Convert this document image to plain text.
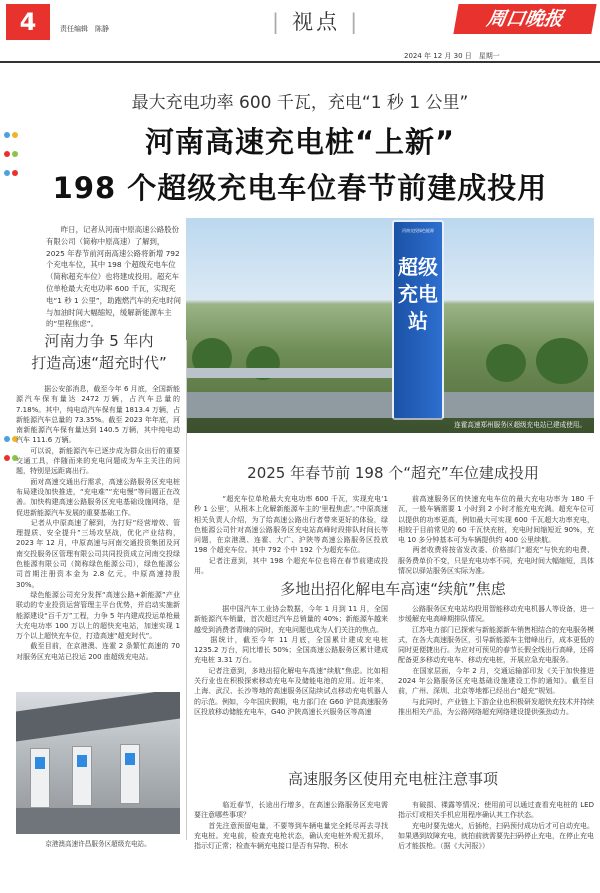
4	责任编辑　陈静
|	视点 |	周口晚报
2024 年 12 月 30 日　星期一
最大充电功率 600 千瓦，充电“1 秒 1 公里”
河南高速充电桩“上新”
198 个超级充电车位春节前建成投用

　　昨日，记者从河南中原高速公路股份有限公司（简称中原高速）了解到，2025 年春节前河南高速公路将新增 792 个充电车位，其中 198 个超级充电车位（简称超充车位）也将建成投用。超充车位单枪最大充电功率 600 千瓦，实现充电“1 秒 1 公里”，助跑燃汽车的充电时间与加油时间大幅缩短，缓解新能源车主的“里程焦虑”。
河南交投绿色能源
超级充电站
连霍高速郑州服务区超级充电站已建成使用。
河南力争 5 年内
打造高速“超充时代”
　　据公安部消息，截至今年 6 月底，全国新能源汽车保有量达 2472 万辆，占汽车总量的 7.18%。其中，纯电动汽车保有量 1813.4 万辆，占新能源汽车总量的 73.35%。截至 2023 年年底，河南新能源汽车保有量达到 140.5 万辆，其中纯电动汽车 111.6 万辆。
　　可以说，新能源汽车已逐步成为群众出行的重要交通工具，伴随而来的充电问题成为车主关注的问题，特别是远距离出行。
　　面对高速交通出行需求，高速公路服务区充电桩布局建设加快推进，“充电难”“充电慢”等问题正在改善。加快构建高速公路服务区充电基础设施网络，是促进新能源汽车发展的重要基础工作。
　　记者从中原高速了解到，为打好“经营增效、管理提质、安全提升”三场攻坚战，优化产业结构，2023 年 12 月，中原高速与河南交通投资集团及河南交投服务区管理有限公司共同投资成立河南交投绿色能源有限公司（简称绿色能源公司），绿色能源公司首期注册资本金为 2.8 亿元，中原高速持股 30%。
　　绿色能源公司充分发挥“高速公路+新能源”产业联动的专业投资运营管理主平台优势，并启动实施新能源建设“百千万”工程，力争 5 年内建成投运单枪最大充电功率 100 万以上的超快充电站，加速实现 1 万个以上超快充车位，打造高速“超充时代”。
　　截至目前，在京港澳、连霍 2 条繁忙高速的 70 对服务区充电站已投运 200 座超级充电站。
京港澳高速许昌服务区超级充电站。
2025 年春节前 198 个“超充”车位建成投用
　　“超充车位单枪最大充电功率 600 千瓦，实现充电‘1 秒 1 公里’，从根本上化解新能源车主的‘里程焦虑’。”中原高速相关负责人介绍，为了给高速公路出行者带来更好的体验，绿色能源公司针对高速公路服务区充电站高峰时段排队时间长等问题，在京港澳、连霍、大广、沪陕等高速公路服务区投放 198 个超充车位。其中 792 个中 192 个为超充车位。
　　记者注意到，其中 198 个超充车位也将在春节前建成投用。
前高速服务区的快速充电车位的最大充电功率为 180 千瓦，一般车辆需要 1 小时到 2 小时才能充电充满。超充车位可以提供的功率更高，例如最大可实现 600 千瓦超大功率充电，相较于目前常见的 60 千瓦快充桩，充电时间缩短近 90%，充电 10 多分钟基本可为车辆提供约 400 公里续航。
　　两者收费将按省发改委、价格部门“超充”与快充的电费、服务费单价不变，只是充电功率不同，充电时间大幅缩短，具体情况以驿站服务区实际为准。
多地出招化解电车高速“续航”焦虑
　　据中国汽车工业协会数据，今年 1 月到 11 月，全国新能源汽车销量，首次超过汽车总销量的 40%；新能源车越来越受到消费者青睐的同时，充电问题也成为人们关注的焦点。
　　据统计，截至今年 11 月底，全国累计建成充电桩 1235.2 万台，同比增长 50%；全国高速公路服务区累计建成充电桩 3.31 万台。
　　记者注意到，多地出招化解电车高速“续航”焦虑。比如相关行业也在积极探索移动充电车及储能电池的应用。近年来，上海、武汉、长沙等地的高速服务区陆续试点移动充电机器人的示范。例如，今年国庆假期，电力部门在 G60 沪昆高速服务区投放移动储能充电车，G40 沪陕高速长兴服务区等高速
公路服务区充电站均投用智能移动充电机器人等设备，进一步缓解充电高峰期排队情况。
　　江苏电力部门已探索与新能源新车销售相结合的充电服务模式，在各大高速服务区，引导新能源车主错峰出行，成本更低的同时更便捷出行。为应对可预见的春节长假全线出行高峰，还将配备更多移动充电车、移动充电桩，开展应急充电服务。
　　在国家层面，今年 2 月，交通运输部印发《关于加快推进 2024 年公路服务区充电基础设施建设工作的通知》。截至目前，广州、深圳、北京等地都已经出台“超充”规划。
　　与此同时，产业链上下游企业也积极研发超快充技术并持续推出相关产品，为公路网络超充网络建设提供强劲动力。
高速服务区使用充电桩注意事项
　　临近春节，长途出行增多，在高速公路服务区充电需要注意哪些事项？
　　首先注意预留电量，不要等到车辆电量完全耗尽再去寻找充电桩。充电前，检查充电枪状态，确认充电桩外观无损坏，指示灯正常；检查车辆充电接口是否有异物、积水
有破损、裸露等情况；使用前可以通过查看充电桩的 LED 指示灯或相关手机应用程序确认其工作状态。
　　充电时要先熄火，后插枪，扫码预付成功后才可自动充电。如果遇到故障充电，就拍前就需要先扫码停止充电，在停止充电后才能拔枪。（据《大河报》）
